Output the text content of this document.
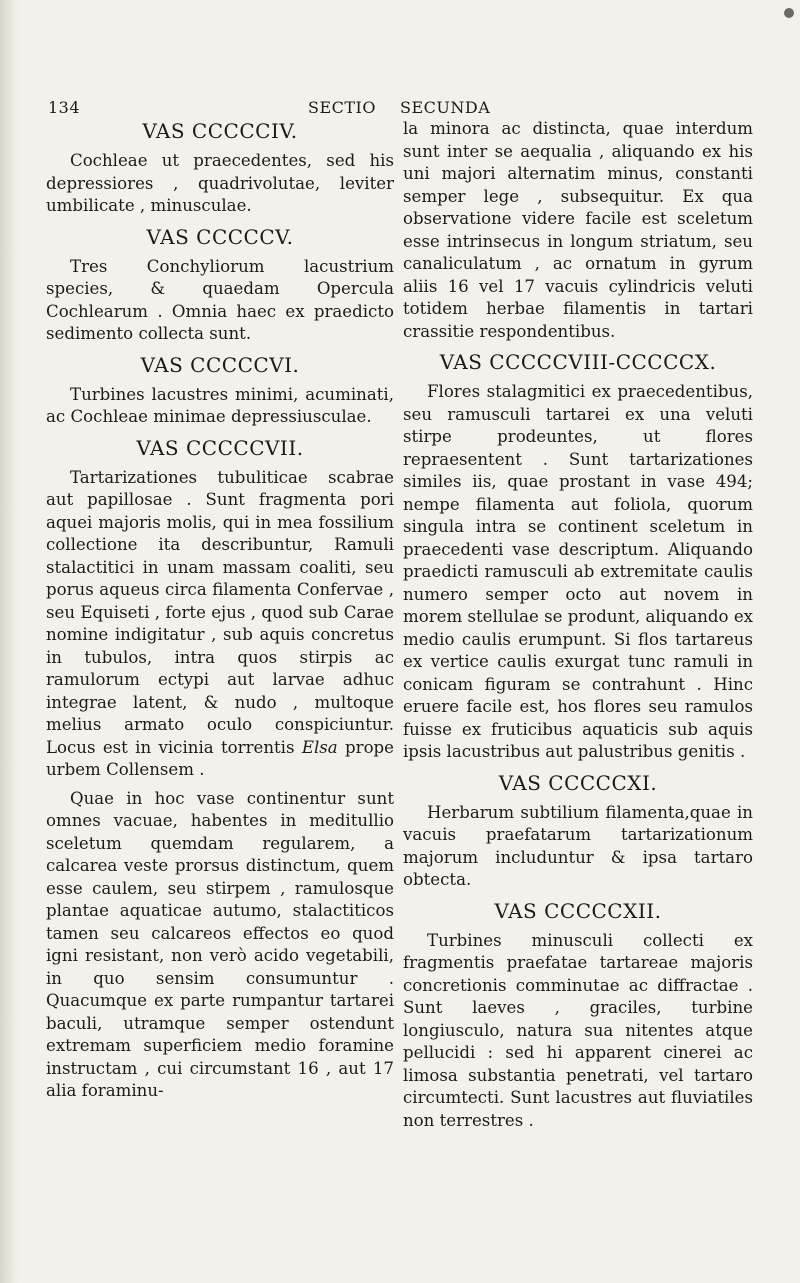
134	SECTIO SECUNDA
VAS CCCCCIV.

Cochleae ut praecedentes, sed his depressiores , quadrivolutae, leviter umbilicate , minusculae.

VAS CCCCCV.

Tres Conchyliorum lacustrium species, & quaedam Opercula Cochlearum . Omnia haec ex praedicto sedimento collecta sunt.

VAS CCCCCVI.

Turbines lacustres minimi, acuminati, ac Cochleae minimae depressiusculae.

VAS CCCCCVII.

Tartarizationes tubuliticae scabrae aut papillosae . Sunt fragmenta pori aquei majoris molis, qui in mea fossilium collectione ita describuntur, Ramuli stalactitici in unam massam coaliti, seu porus aqueus circa filamenta Confervae , seu Equiseti , forte ejus , quod sub Carae nomine indigitatur , sub aquis concretus in tubulos, intra quos stirpis ac ramulorum ectypi aut larvae adhuc integrae latent, & nudo , multoque melius armato oculo conspiciuntur. Locus est in vicinia torrentis Elsa prope urbem Collensem .

Quae in hoc vase continentur sunt omnes vacuae, habentes in meditullio sceletum quemdam regularem, a calcarea veste prorsus distinctum, quem esse caulem, seu stirpem , ramulosque plantae aquaticae autumo, stalactiticos tamen seu calcareos effectos eo quod igni resistant, non verò acido vegetabili, in quo sensim consumuntur . Quacumque ex parte rumpantur tartarei baculi, utramque semper ostendunt extremam superficiem medio foramine instructam , cui circumstant 16 , aut 17 alia foraminu-

la minora ac distincta, quae interdum sunt inter se aequalia , aliquando ex his uni majori alternatim minus, constanti semper lege , subsequitur. Ex qua observatione videre facile est sceletum esse intrinsecus in longum striatum, seu canaliculatum , ac ornatum in gyrum aliis 16 vel 17 vacuis cylindricis veluti totidem herbae filamentis in tartari crassitie respondentibus.

VAS CCCCCVIII-CCCCCX.

Flores stalagmitici ex praecedentibus, seu ramusculi tartarei ex una veluti stirpe prodeuntes, ut flores repraesentent . Sunt tartarizationes similes iis, quae prostant in vase 494; nempe filamenta aut foliola, quorum singula intra se continent sceletum in praecedenti vase descriptum. Aliquando praedicti ramusculi ab extremitate caulis numero semper octo aut novem in morem stellulae se produnt, aliquando ex medio caulis erumpunt. Si flos tartareus ex vertice caulis exurgat tunc ramuli in conicam figuram se contrahunt . Hinc eruere facile est, hos flores seu ramulos fuisse ex fruticibus aquaticis sub aquis ipsis lacustribus aut palustribus genitis .

VAS CCCCCXI.

Herbarum subtilium filamenta,quae in vacuis praefatarum tartarizationum majorum includuntur & ipsa tartaro obtecta.

VAS CCCCCXII.

Turbines minusculi collecti ex fragmentis praefatae tartareae majoris concretionis comminutae ac diffractae . Sunt laeves , graciles, turbine longiusculo, natura sua nitentes atque pellucidi : sed hi apparent cinerei ac limosa substantia penetrati, vel tartaro circumtecti. Sunt lacustres aut fluviatiles non terrestres .
